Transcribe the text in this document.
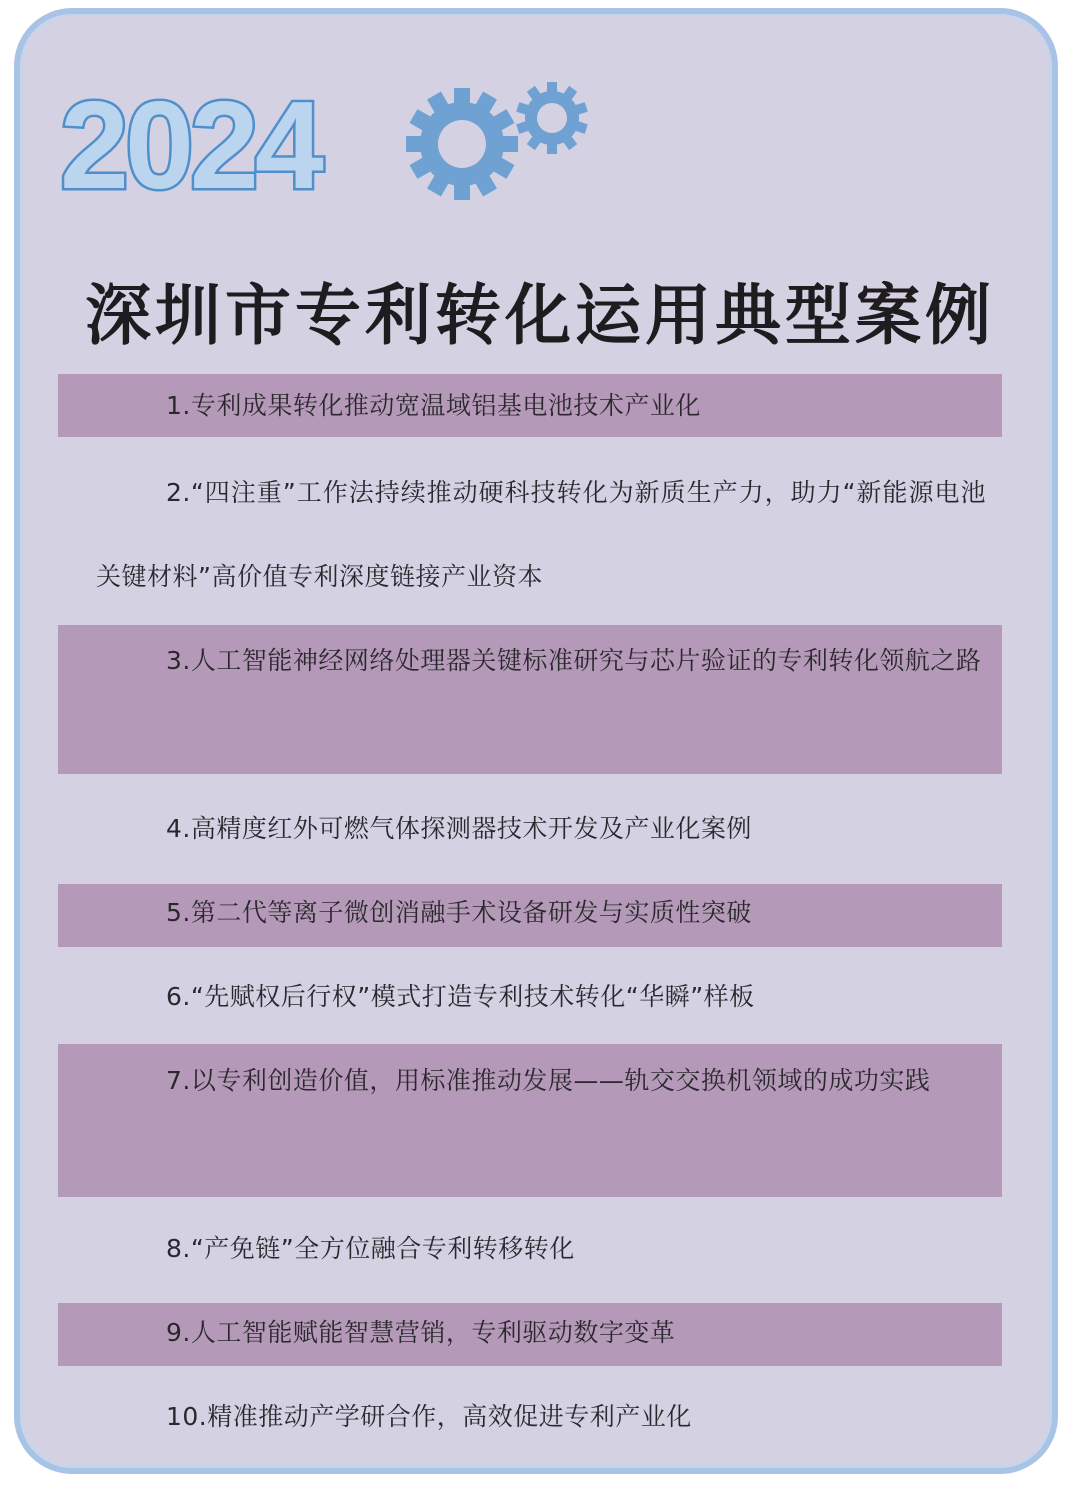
2024
深圳市专利转化运用典型案例
1.专利成果转化推动宽温域铝基电池技术产业化
2.“四注重”工作法持续推动硬科技转化为新质生产力，助力“新能源电池关键材料”高价值专利深度链接产业资本
3.人工智能神经网络处理器关键标准研究与芯片验证的专利转化领航之路
4.高精度红外可燃气体探测器技术开发及产业化案例
5.第二代等离子微创消融手术设备研发与实质性突破
6.“先赋权后行权”模式打造专利技术转化“华瞬”样板
7.以专利创造价值，用标准推动发展——轨交交换机领域的成功实践
8.“产免链”全方位融合专利转移转化
9.人工智能赋能智慧营销，专利驱动数字变革
10.精准推动产学研合作，高效促进专利产业化
